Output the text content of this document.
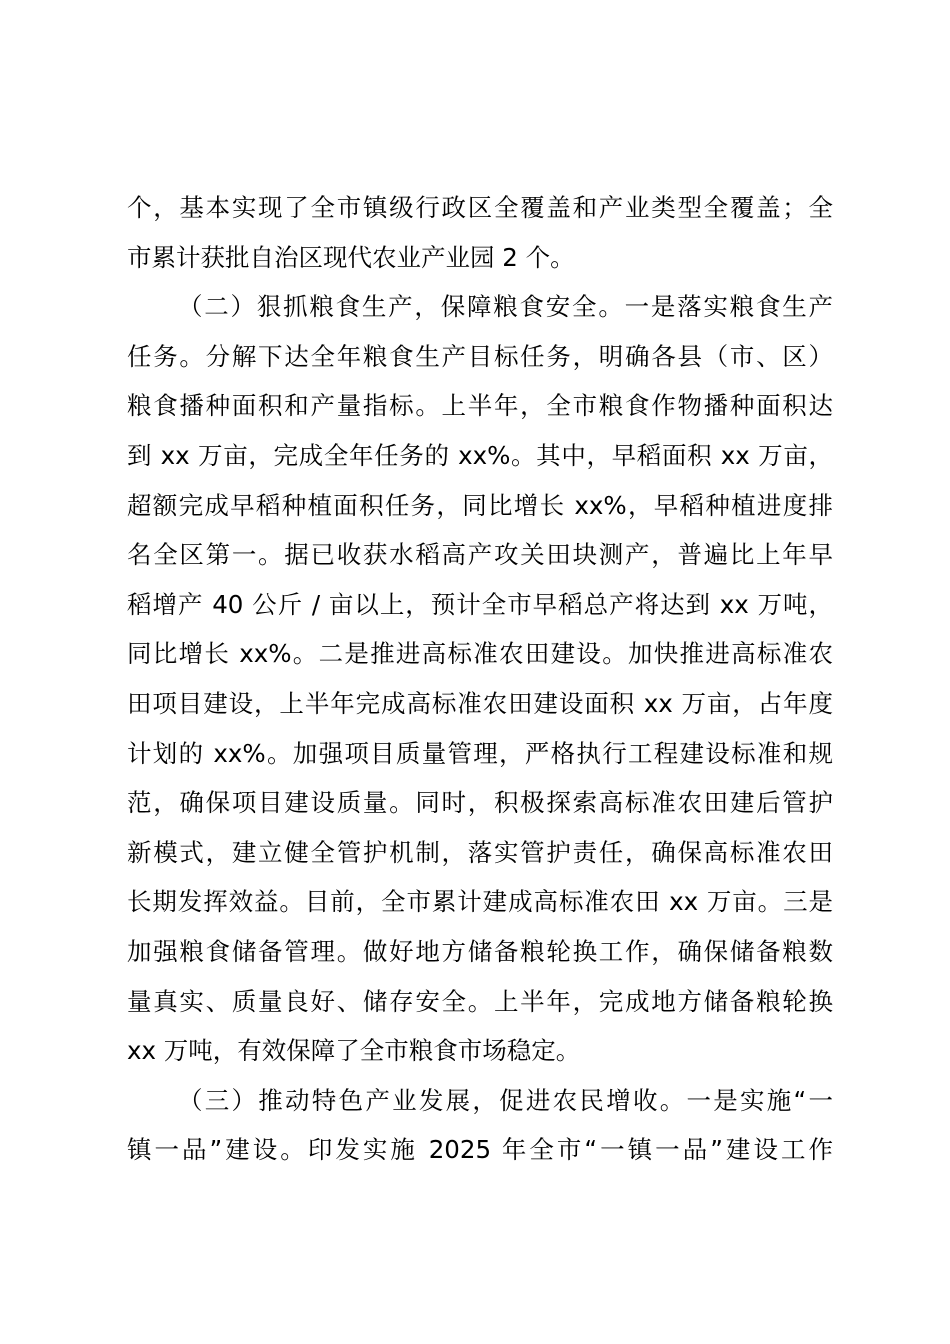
个，基本实现了全市镇级行政区全覆盖和产业类型全覆盖；全
市累计获批自治区现代农业产业园 2 个。
（二）狠抓粮食生产，保障粮食安全。一是落实粮食生产
任务。分解下达全年粮食生产目标任务，明确各县（市、区）
粮食播种面积和产量指标。上半年，全市粮食作物播种面积达
到 xx 万亩，完成全年任务的 xx%。其中，早稻面积 xx 万亩，
超额完成早稻种植面积任务，同比增长 xx%，早稻种植进度排
名全区第一。据已收获水稻高产攻关田块测产，普遍比上年早
稻增产 40 公斤 / 亩以上，预计全市早稻总产将达到 xx 万吨，
同比增长 xx%。二是推进高标准农田建设。加快推进高标准农
田项目建设，上半年完成高标准农田建设面积 xx 万亩，占年度
计划的 xx%。加强项目质量管理，严格执行工程建设标准和规
范，确保项目建设质量。同时，积极探索高标准农田建后管护
新模式，建立健全管护机制，落实管护责任，确保高标准农田
长期发挥效益。目前，全市累计建成高标准农田 xx 万亩。三是
加强粮食储备管理。做好地方储备粮轮换工作，确保储备粮数
量真实、质量良好、储存安全。上半年，完成地方储备粮轮换
xx 万吨，有效保障了全市粮食市场稳定。
（三）推动特色产业发展，促进农民增收。一是实施“一
镇一品”建设。印发实施 2025 年全市“一镇一品”建设工作
